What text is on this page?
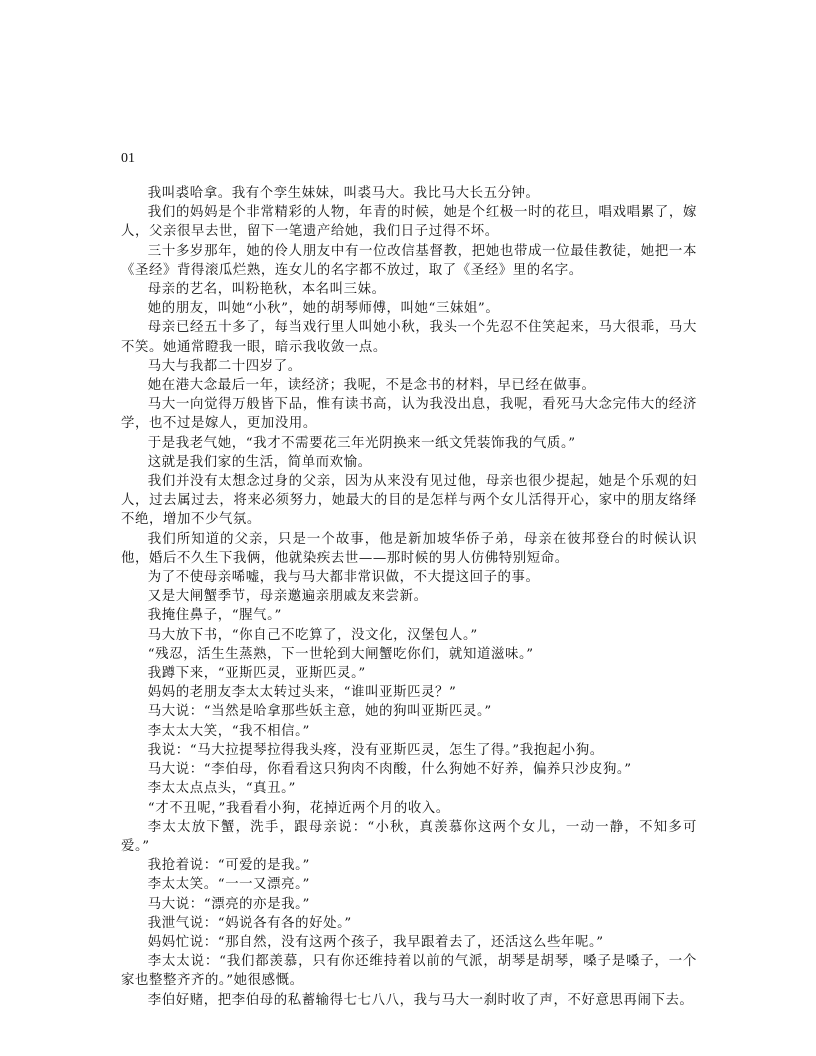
01

我叫裘哈拿。我有个孪生妹妹，叫裘马大。我比马大长五分钟。

我们的妈妈是个非常精彩的人物，年青的时候，她是个红极一时的花旦，唱戏唱累了，嫁人，父亲很早去世，留下一笔遗产给她，我们日子过得不坏。

三十多岁那年，她的伶人朋友中有一位改信基督教，把她也带成一位最佳教徒，她把一本《圣经》背得滚瓜烂熟，连女儿的名字都不放过，取了《圣经》里的名字。

母亲的艺名，叫粉艳秋，本名叫三妹。

她的朋友，叫她“小秋”，她的胡琴师傅，叫她“三妹姐”。

母亲已经五十多了，每当戏行里人叫她小秋，我头一个先忍不住笑起来，马大很乖，马大不笑。她通常瞪我一眼，暗示我收敛一点。

马大与我都二十四岁了。

她在港大念最后一年，读经济；我呢，不是念书的材料，早已经在做事。

马大一向觉得万般皆下品，惟有读书高，认为我没出息，我呢，看死马大念完伟大的经济学，也不过是嫁人，更加没用。

于是我老气她，“我才不需要花三年光阴换来一纸文凭装饰我的气质。”

这就是我们家的生活，简单而欢愉。

我们并没有太想念过身的父亲，因为从来没有见过他，母亲也很少提起，她是个乐观的妇人，过去属过去，将来必须努力，她最大的目的是怎样与两个女儿活得开心，家中的朋友络绎不绝，增加不少气氛。

我们所知道的父亲，只是一个故事，他是新加坡华侨子弟，母亲在彼邦登台的时候认识他，婚后不久生下我俩，他就染疾去世——那时候的男人仿佛特别短命。

为了不使母亲唏嘘，我与马大都非常识做，不大提这回子的事。

又是大闸蟹季节，母亲邀遍亲朋戚友来尝新。

我掩住鼻子，“腥气。”

马大放下书，“你自己不吃算了，没文化，汉堡包人。”

“残忍，活生生蒸熟，下一世轮到大闸蟹吃你们，就知道滋味。”

我蹲下来，“亚斯匹灵，亚斯匹灵。”

妈妈的老朋友李太太转过头来，“谁叫亚斯匹灵？”

马大说：“当然是哈拿那些妖主意，她的狗叫亚斯匹灵。”

李太太大笑，“我不相信。”

我说：“马大拉提琴拉得我头疼，没有亚斯匹灵，怎生了得。”我抱起小狗。

马大说：“李伯母，你看看这只狗肉不肉酸，什么狗她不好养，偏养只沙皮狗。”

李太太点点头，“真丑。”

“才不丑呢，”我看看小狗，花掉近两个月的收入。

李太太放下蟹，洗手，跟母亲说：“小秋，真羡慕你这两个女儿，一动一静，不知多可爱。”

我抢着说：“可爱的是我。”

李太太笑。“一一又漂亮。”

马大说：“漂亮的亦是我。”

我泄气说：“妈说各有各的好处。”

妈妈忙说：“那自然，没有这两个孩子，我早跟着去了，还活这么些年呢。”

李太太说：“我们都羡慕，只有你还维持着以前的气派，胡琴是胡琴，嗓子是嗓子，一个家也整整齐齐的。”她很感慨。

李伯好赌，把李伯母的私蓄输得七七八八，我与马大一刹时收了声，不好意思再闹下去。
